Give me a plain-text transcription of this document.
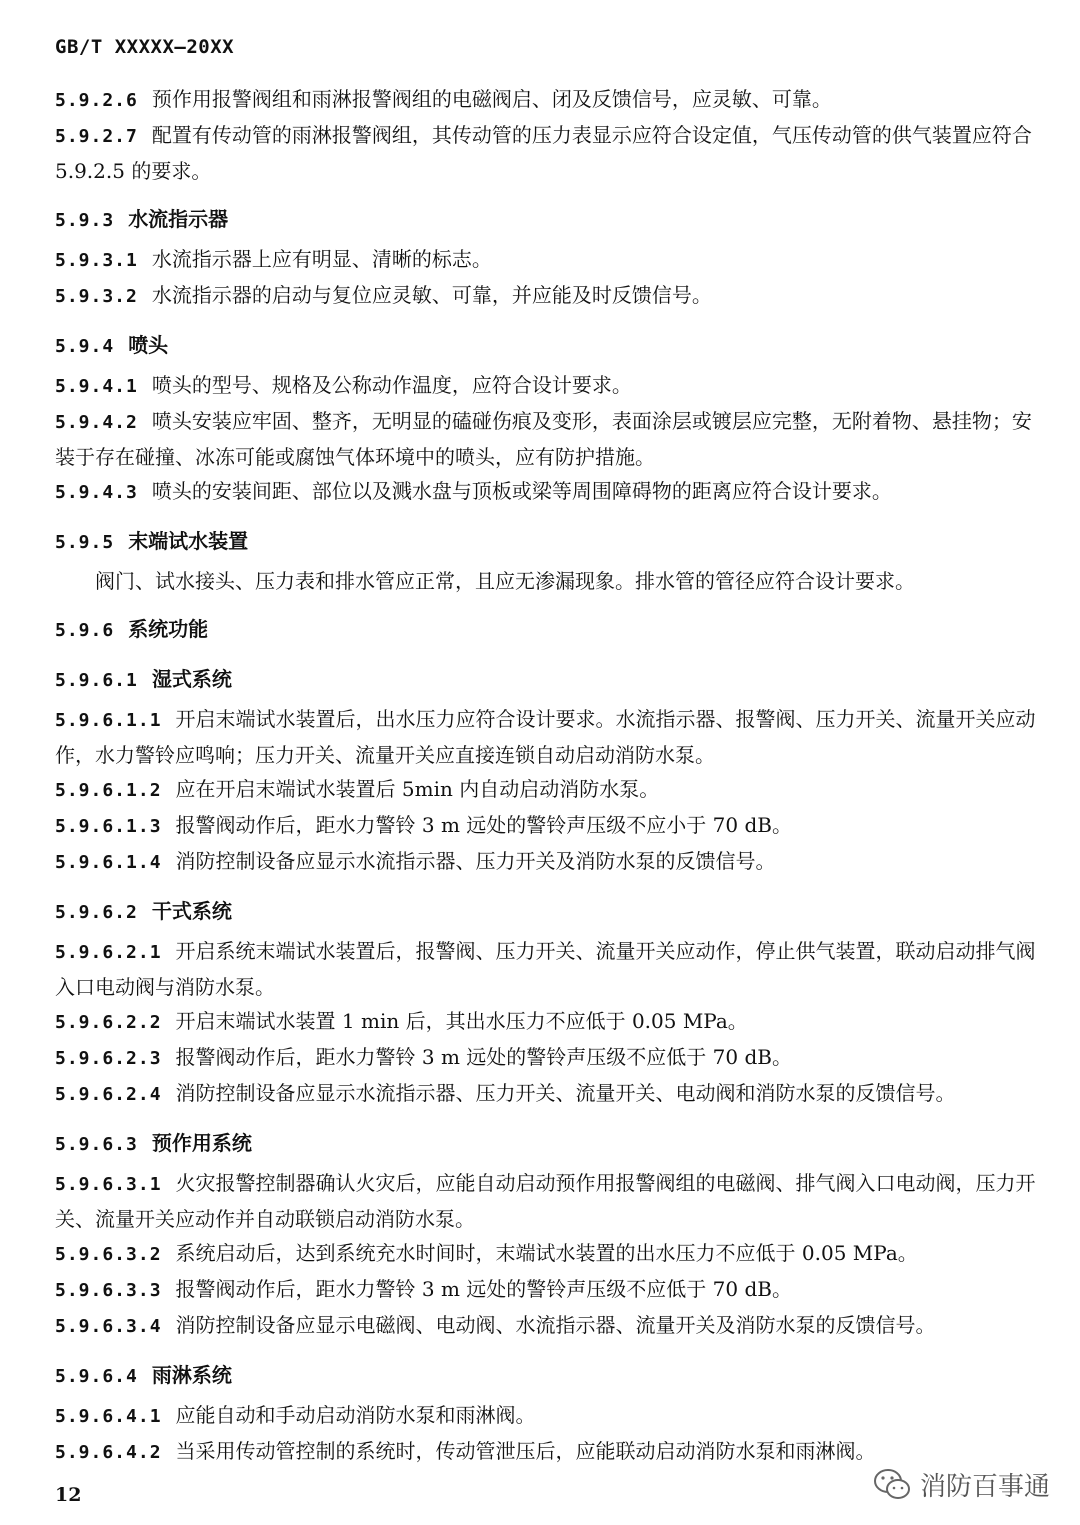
GB/T XXXXX—20XX

5.9.2.6 预作用报警阀组和雨淋报警阀组的电磁阀启、闭及反馈信号，应灵敏、可靠。

5.9.2.7 配置有传动管的雨淋报警阀组，其传动管的压力表显示应符合设定值，气压传动管的供气装置应符合 5.9.2.5 的要求。

5.9.3 水流指示器

5.9.3.1 水流指示器上应有明显、清晰的标志。

5.9.3.2 水流指示器的启动与复位应灵敏、可靠，并应能及时反馈信号。

5.9.4 喷头

5.9.4.1 喷头的型号、规格及公称动作温度，应符合设计要求。

5.9.4.2 喷头安装应牢固、整齐，无明显的磕碰伤痕及变形，表面涂层或镀层应完整，无附着物、悬挂物；安装于存在碰撞、冰冻可能或腐蚀气体环境中的喷头，应有防护措施。

5.9.4.3 喷头的安装间距、部位以及溅水盘与顶板或梁等周围障碍物的距离应符合设计要求。

5.9.5 末端试水装置

阀门、试水接头、压力表和排水管应正常，且应无渗漏现象。排水管的管径应符合设计要求。

5.9.6 系统功能

5.9.6.1 湿式系统

5.9.6.1.1 开启末端试水装置后，出水压力应符合设计要求。水流指示器、报警阀、压力开关、流量开关应动作，水力警铃应鸣响；压力开关、流量开关应直接连锁自动启动消防水泵。

5.9.6.1.2 应在开启末端试水装置后 5min 内自动启动消防水泵。

5.9.6.1.3 报警阀动作后，距水力警铃 3 m 远处的警铃声压级不应小于 70 dB。

5.9.6.1.4 消防控制设备应显示水流指示器、压力开关及消防水泵的反馈信号。

5.9.6.2 干式系统

5.9.6.2.1 开启系统末端试水装置后，报警阀、压力开关、流量开关应动作，停止供气装置，联动启动排气阀入口电动阀与消防水泵。

5.9.6.2.2 开启末端试水装置 1 min 后，其出水压力不应低于 0.05 MPa。

5.9.6.2.3 报警阀动作后，距水力警铃 3 m 远处的警铃声压级不应低于 70 dB。

5.9.6.2.4 消防控制设备应显示水流指示器、压力开关、流量开关、电动阀和消防水泵的反馈信号。

5.9.6.3 预作用系统

5.9.6.3.1 火灾报警控制器确认火灾后，应能自动启动预作用报警阀组的电磁阀、排气阀入口电动阀，压力开关、流量开关应动作并自动联锁启动消防水泵。

5.9.6.3.2 系统启动后，达到系统充水时间时，末端试水装置的出水压力不应低于 0.05 MPa。

5.9.6.3.3 报警阀动作后，距水力警铃 3 m 远处的警铃声压级不应低于 70 dB。

5.9.6.3.4 消防控制设备应显示电磁阀、电动阀、水流指示器、流量开关及消防水泵的反馈信号。

5.9.6.4 雨淋系统

5.9.6.4.1 应能自动和手动启动消防水泵和雨淋阀。

5.9.6.4.2 当采用传动管控制的系统时，传动管泄压后，应能联动启动消防水泵和雨淋阀。

12	消防百事通
